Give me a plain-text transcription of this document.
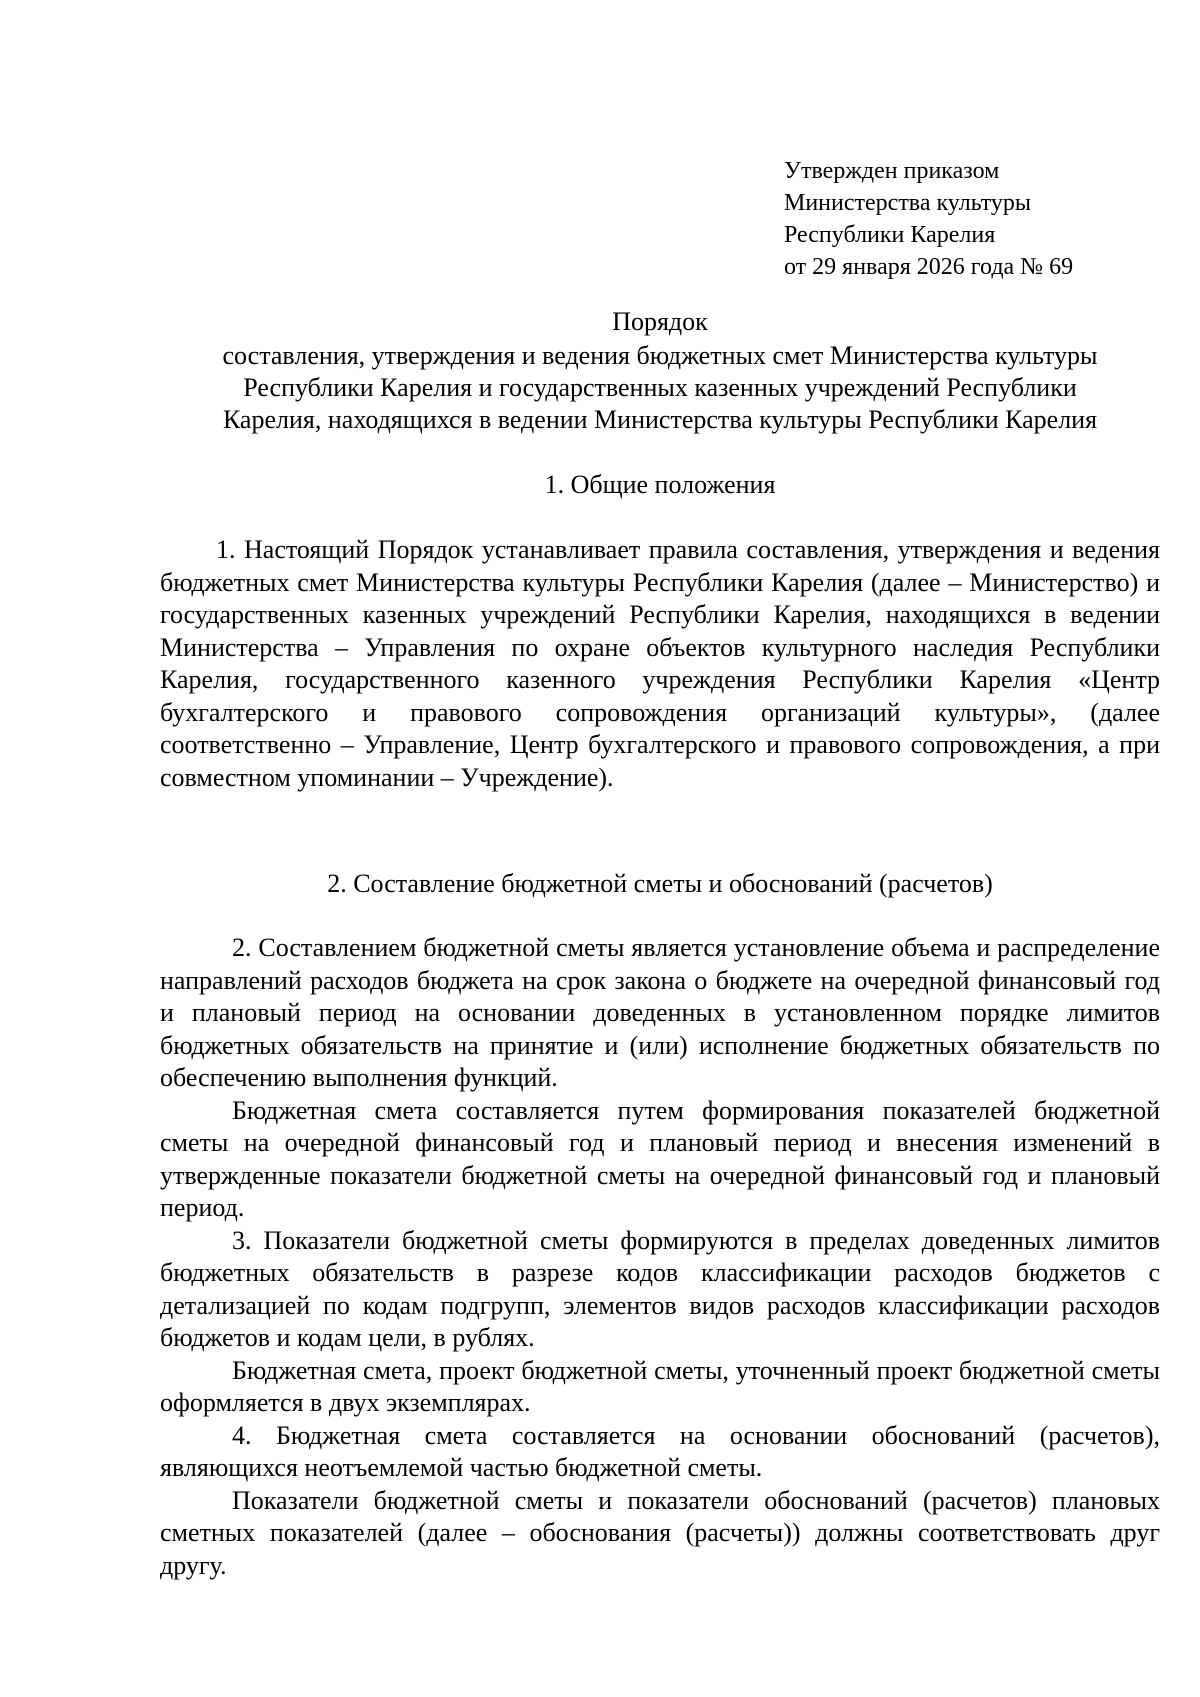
Утвержден приказом
Министерства культуры
Республики Карелия
от 29 января 2026 года № 69
Порядок
составления, утверждения и ведения бюджетных смет Министерства культуры
Республики Карелия и государственных казенных учреждений Республики
Карелия, находящихся в ведении Министерства культуры Республики Карелия
1. Общие положения

1. Настоящий Порядок устанавливает правила составления, утверждения и ведения бюджетных смет Министерства культуры Республики Карелия (далее – Министерство) и государственных казенных учреждений Республики Карелия, находящихся в ведении Министерства – Управления по охране объектов культурного наследия Республики Карелия, государственного казенного учреждения Республики Карелия «Центр бухгалтерского и правового сопровождения организаций культуры», (далее соответственно – Управление, Центр бухгалтерского и правового сопровождения, а при совместном упоминании – Учреждение).

2. Составление бюджетной сметы и обоснований (расчетов)

2. Составлением бюджетной сметы является установление объема и распределение направлений расходов бюджета на срок закона о бюджете на очередной финансовый год и плановый период на основании доведенных в установленном порядке лимитов бюджетных обязательств на принятие и (или) исполнение бюджетных обязательств по обеспечению выполнения функций.

Бюджетная смета составляется путем формирования показателей бюджетной сметы на очередной финансовый год и плановый период и внесения изменений в утвержденные показатели бюджетной сметы на очередной финансовый год и плановый период.

3. Показатели бюджетной сметы формируются в пределах доведенных лимитов бюджетных обязательств в разрезе кодов классификации расходов бюджетов с детализацией по кодам подгрупп, элементов видов расходов классификации расходов бюджетов и кодам цели, в рублях.

Бюджетная смета, проект бюджетной сметы, уточненный проект бюджетной сметы оформляется в двух экземплярах.

4. Бюджетная смета составляется на основании обоснований (расчетов), являющихся неотъемлемой частью бюджетной сметы.

Показатели бюджетной сметы и показатели обоснований (расчетов) плановых сметных показателей (далее – обоснования (расчеты)) должны соответствовать друг другу.
